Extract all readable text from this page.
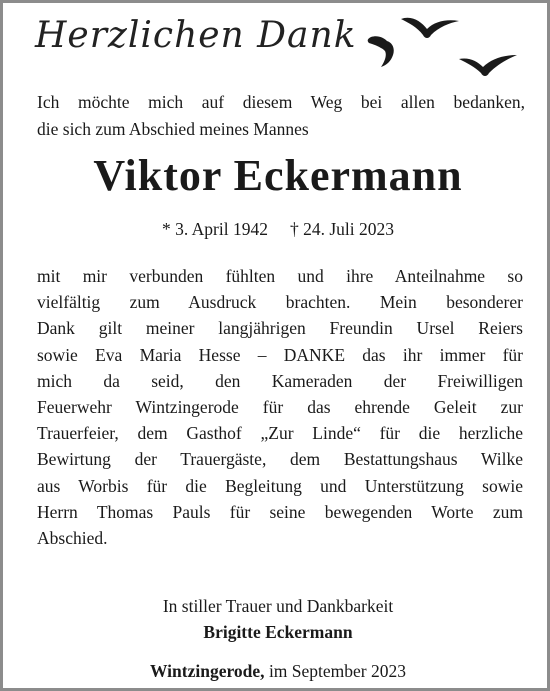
Herzlichen Dank
Ich möchte mich auf diesem Weg bei allen bedanken,
die sich zum Abschied meines Mannes
Viktor Eckermann
* 3. April 1942 † 24. Juli 2023
mit mir verbunden fühlten und ihre Anteilnahme so
vielfältig zum Ausdruck brachten. Mein besonderer
Dank gilt meiner langjährigen Freundin Ursel Reiers
sowie Eva Maria Hesse – DANKE das ihr immer für
mich da seid, den Kameraden der Freiwilligen
Feuerwehr Wintzingerode für das ehrende Geleit zur
Trauerfeier, dem Gasthof „Zur Linde“ für die herzliche
Bewirtung der Trauergäste, dem Bestattungshaus Wilke
aus Worbis für die Begleitung und Unterstützung sowie
Herrn Thomas Pauls für seine bewegenden Worte zum
Abschied.
In stiller Trauer und Dankbarkeit
Brigitte Eckermann
Wintzingerode, im September 2023
